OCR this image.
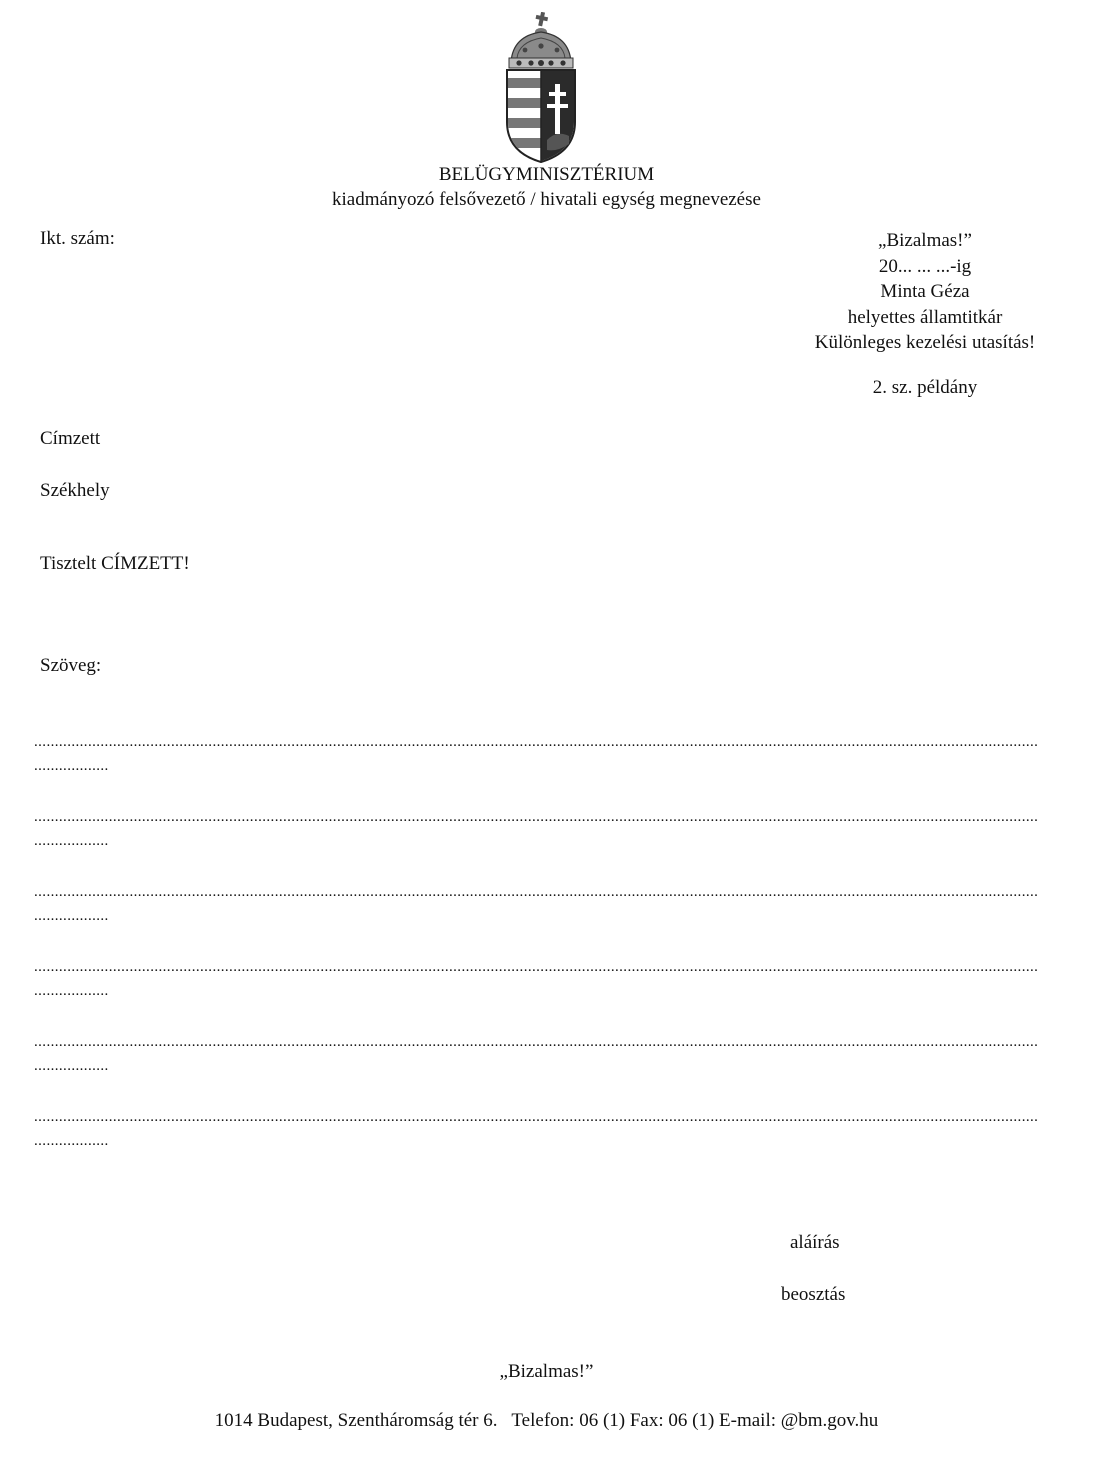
BELÜGYMINISZTÉRIUM
kiadmányozó felsővezető / hivatali egység megnevezése
Ikt. szám:	„Bizalmas!”
20... ... ...-ig
Minta Géza
helyettes államtitkár
Különleges kezelési utasítás!
2. sz. példány
Címzett
Székhely
Tisztelt CÍMZETT!
Szöveg:
..................................................................................................................................................................................................................................................
..................
..................................................................................................................................................................................................................................................
..................
..................................................................................................................................................................................................................................................
..................
..................................................................................................................................................................................................................................................
..................
..................................................................................................................................................................................................................................................
..................
..................................................................................................................................................................................................................................................
..................
aláírás
beosztás
„Bizalmas!”
1014 Budapest, Szentháromság tér 6.   Telefon: 06 (1) Fax: 06 (1) E-mail: @bm.gov.hu
